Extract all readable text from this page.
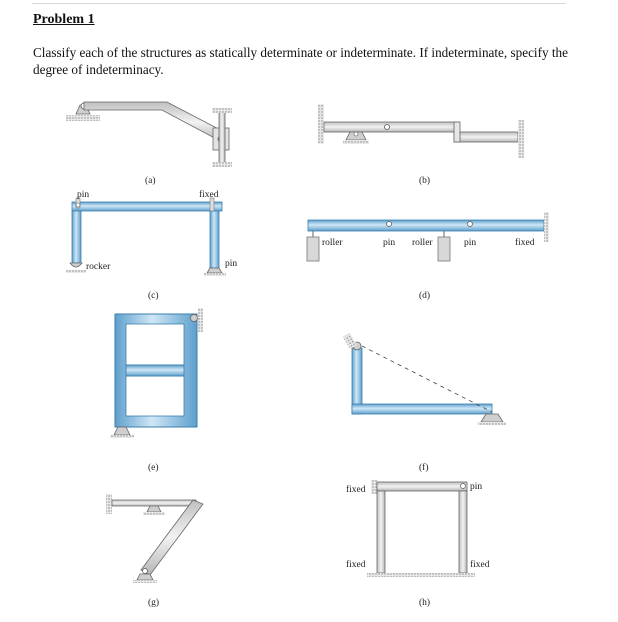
Problem 1
Classify each of the structures as statically determinate or indeterminate. If indeterminate, specify the degree of indeterminacy.
pin	fixed
rocker	pin
roller	pin roller	pin	fixed
fixed	pin
fixed	fixed
(a)	(b)
(c)	(d)
(e)	(f)
(g)	(h)
